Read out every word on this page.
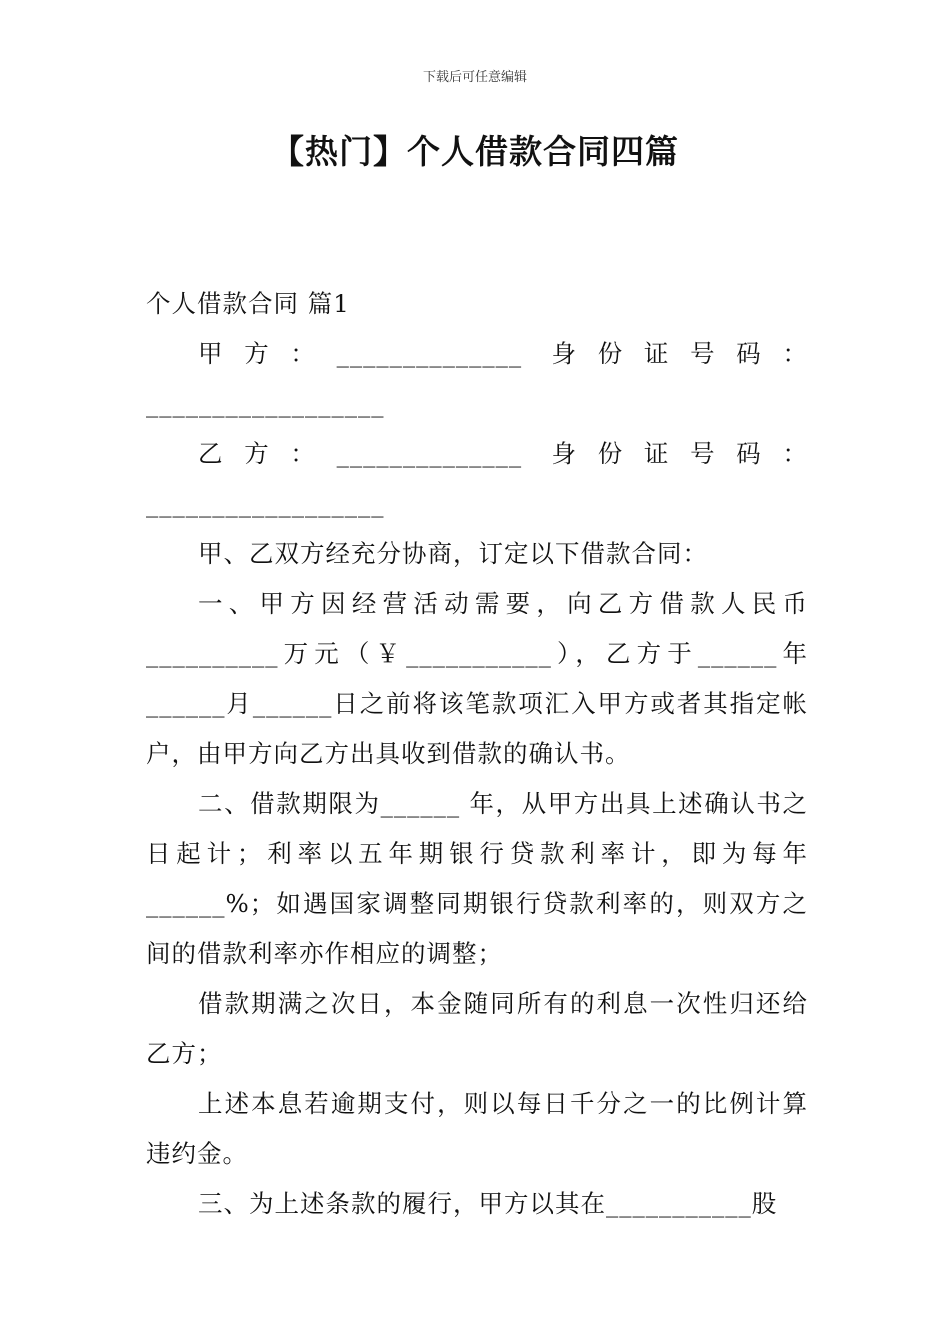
下载后可任意编辑
【热门】个人借款合同四篇

个人借款合同 篇1

甲方：______________ 身份证号码：__________________

乙方：______________ 身份证号码：__________________

甲、乙双方经充分协商，订定以下借款合同：

一、甲方因经营活动需要，向乙方借款人民币__________万元（￥___________），乙方于______年______月______日之前将该笔款项汇入甲方或者其指定帐户，由甲方向乙方出具收到借款的确认书。

二、借款期限为______ 年，从甲方出具上述确认书之日起计；利率以五年期银行贷款利率计，即为每年______%；如遇国家调整同期银行贷款利率的，则双方之间的借款利率亦作相应的调整；

借款期满之次日，本金随同所有的利息一次性归还给乙方；

上述本息若逾期支付，则以每日千分之一的比例计算违约金。

三、为上述条款的履行，甲方以其在___________股
